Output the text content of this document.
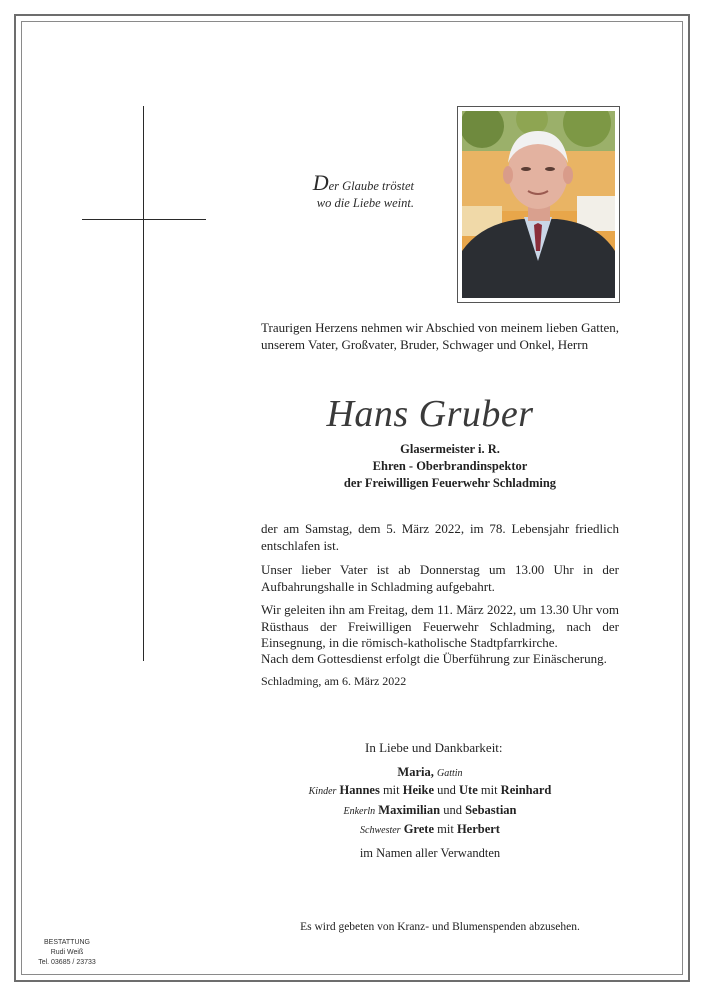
Der Glaube tröstet
wo die Liebe weint.
Traurigen Herzens nehmen wir Abschied von meinem lieben Gatten, unserem Vater, Großvater, Bruder, Schwager und Onkel, Herrn
Hans Gruber
Glasermeister i. R.
Ehren - Oberbrandinspektor
der Freiwilligen Feuerwehr Schladming
der am Samstag, dem 5. März 2022, im 78. Lebensjahr friedlich entschlafen ist.
Unser lieber Vater ist ab Donnerstag um 13.00 Uhr in der Aufbahrungshalle in Schladming aufgebahrt.
Wir geleiten ihn am Freitag, dem 11. März 2022, um 13.30 Uhr vom Rüsthaus der Freiwilligen Feuerwehr Schladming, nach der Einsegnung, in die römisch-katholische Stadtpfarrkirche.
Nach dem Gottesdienst erfolgt die Überführung zur Einäscherung.
Schladming, am 6. März 2022
In Liebe und Dankbarkeit:
Maria, Gattin
Kinder Hannes mit Heike und Ute mit Reinhard
Enkerln Maximilian und Sebastian
Schwester Grete mit Herbert
im Namen aller Verwandten
Es wird gebeten von Kranz- und Blumenspenden abzusehen.
BESTATTUNG
Rudi Weiß
Tel. 03685 / 23733
